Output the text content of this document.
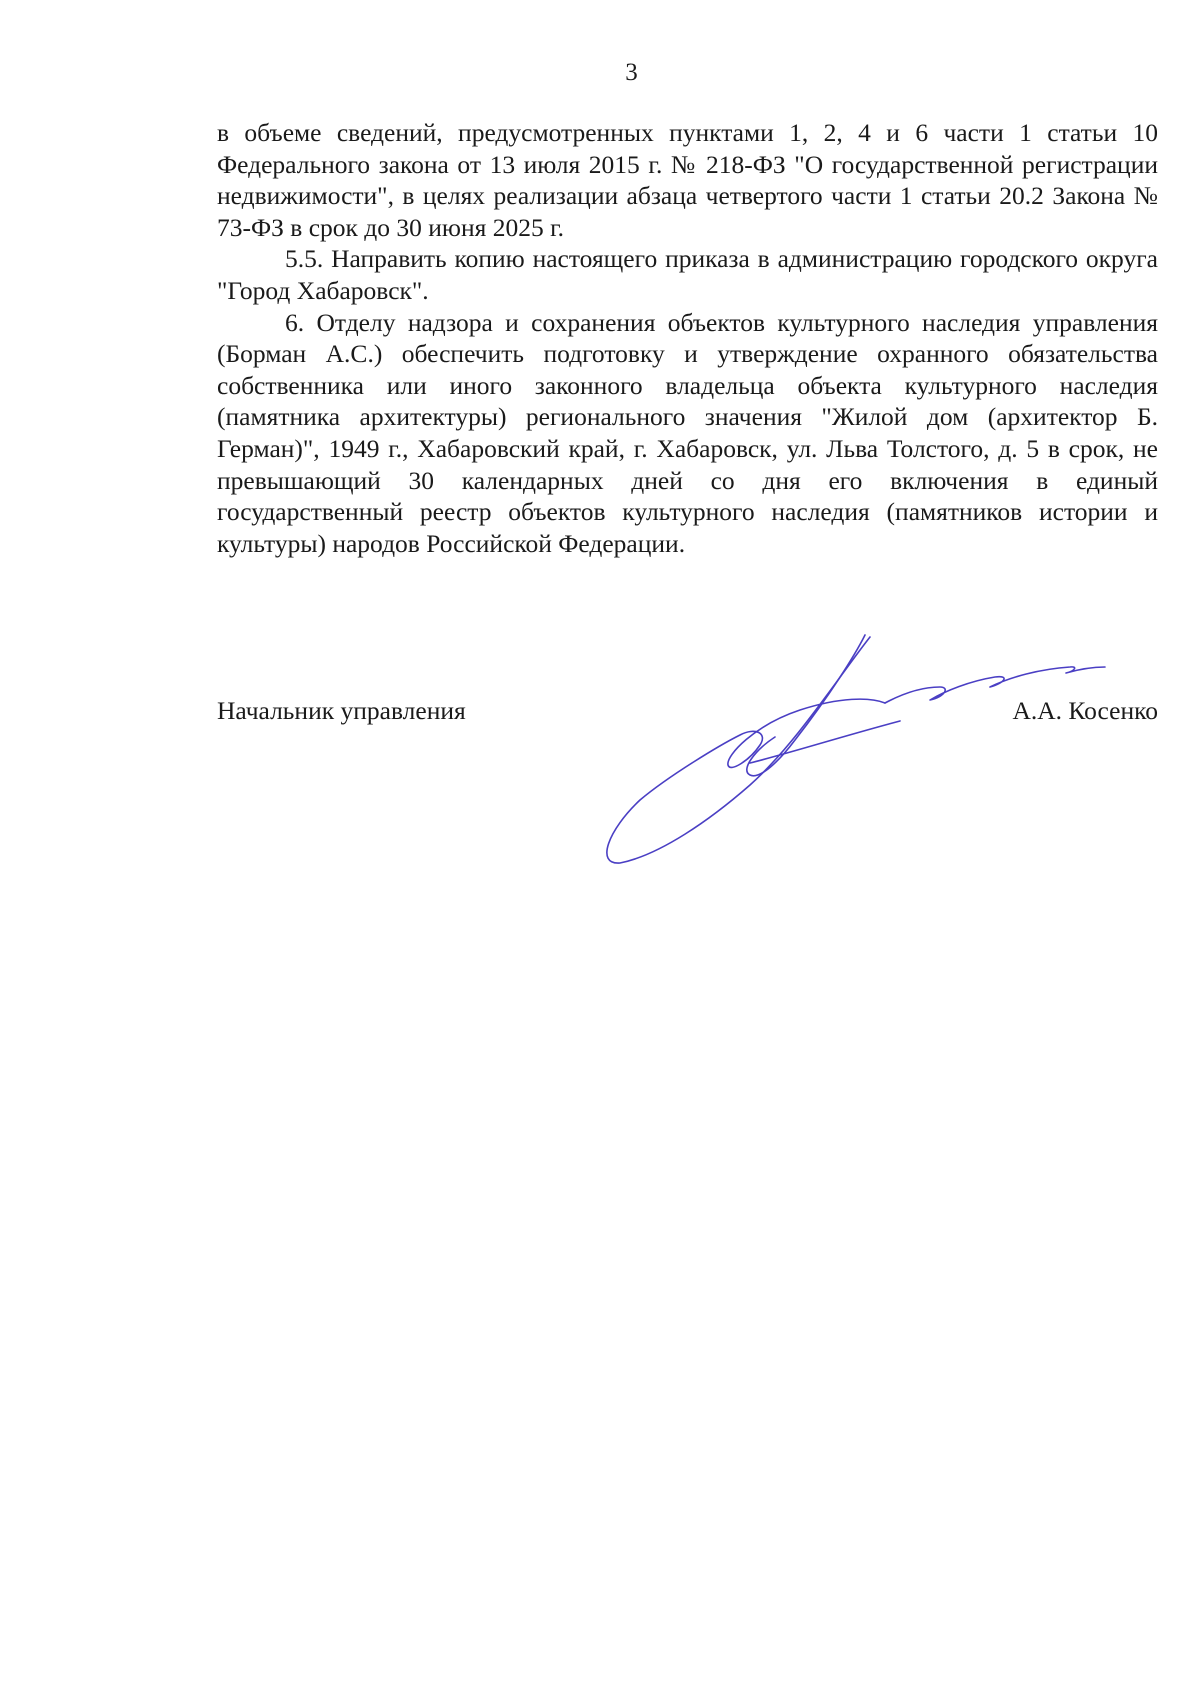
3

в объеме сведений, предусмотренных пунктами 1, 2, 4 и 6 части 1 статьи 10 Федерального закона от 13 июля 2015 г. № 218-ФЗ "О государственной регистрации недвижимости", в целях реализации абзаца четвертого части 1 статьи 20.2 Закона № 73-ФЗ в срок до 30 июня 2025 г.

5.5. Направить копию настоящего приказа в администрацию городского округа "Город Хабаровск".

6. Отделу надзора и сохранения объектов культурного наследия управления (Борман А.С.) обеспечить подготовку и утверждение охранного обязательства собственника или иного законного владельца объекта культурного наследия (памятника архитектуры) регионального значения "Жилой дом (архитектор Б. Герман)", 1949 г., Хабаровский край, г. Хабаровск, ул. Льва Толстого, д. 5 в срок, не превышающий 30 календарных дней со дня его включения в единый государственный реестр объектов культурного наследия (памятников истории и культуры) народов Российской Федерации.

Начальник управления	А.А. Косенко
